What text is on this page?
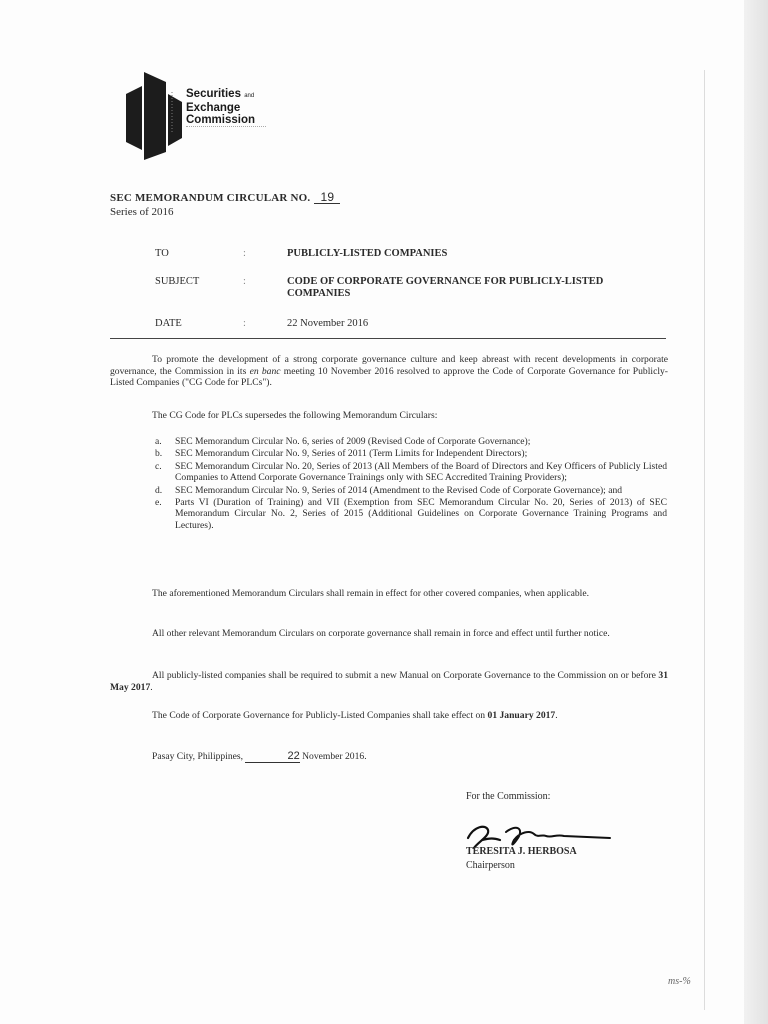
Securities and
Exchange
Commission
SEC MEMORANDUM CIRCULAR NO. 19
Series of 2016
TO	:	PUBLICLY-LISTED COMPANIES
SUBJECT	:	CODE OF CORPORATE GOVERNANCE FOR PUBLICLY-LISTED COMPANIES
DATE	:	22 November 2016

To promote the development of a strong corporate governance culture and keep abreast with recent developments in corporate governance, the Commission in its en banc meeting 10 November 2016 resolved to approve the Code of Corporate Governance for Publicly-Listed Companies ("CG Code for PLCs").

The CG Code for PLCs supersedes the following Memorandum Circulars:

a. SEC Memorandum Circular No. 6, series of 2009 (Revised Code of Corporate Governance);
b. SEC Memorandum Circular No. 9, Series of 2011 (Term Limits for Independent Directors);
c. SEC Memorandum Circular No. 20, Series of 2013 (All Members of the Board of Directors and Key Officers of Publicly Listed Companies to Attend Corporate Governance Trainings only with SEC Accredited Training Providers);
d. SEC Memorandum Circular No. 9, Series of 2014 (Amendment to the Revised Code of Corporate Governance); and
e. Parts VI (Duration of Training) and VII (Exemption from SEC Memorandum Circular No. 20, Series of 2013) of SEC Memorandum Circular No. 2, Series of 2015 (Additional Guidelines on Corporate Governance Training Programs and Lectures).

The aforementioned Memorandum Circulars shall remain in effect for other covered companies, when applicable.

All other relevant Memorandum Circulars on corporate governance shall remain in force and effect until further notice.

All publicly-listed companies shall be required to submit a new Manual on Corporate Governance to the Commission on or before 31 May 2017.

The Code of Corporate Governance for Publicly-Listed Companies shall take effect on 01 January 2017.

Pasay City, Philippines,	22 November 2016.

For the Commission:
TERESITA J. HERBOSA
Chairperson
ms-%
